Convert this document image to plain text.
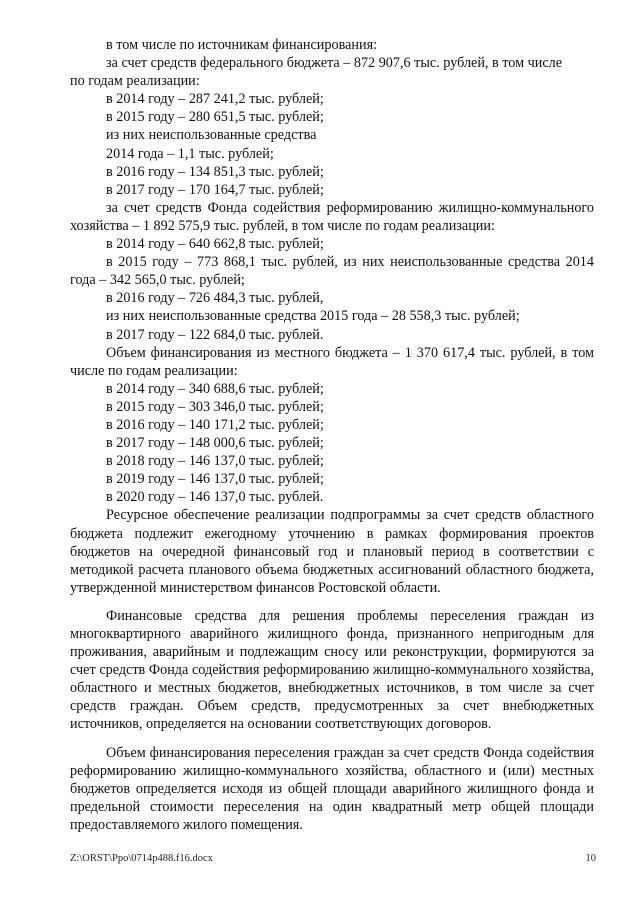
в том числе по источникам финансирования:
за счет средств федерального бюджета – 872 907,6 тыс. рублей, в том числе
по годам реализации:
в 2014 году – 287 241,2 тыс. рублей;
в 2015 году – 280 651,5 тыс. рублей;
из них неиспользованные средства
2014 года – 1,1 тыс. рублей;
в 2016 году – 134 851,3 тыс. рублей;
в 2017 году – 170 164,7 тыс. рублей;
за счет средств Фонда содействия реформированию жилищно-коммунального хозяйства – 1 892 575,9 тыс. рублей, в том числе по годам реализации:
в 2014 году – 640 662,8 тыс. рублей;
в 2015 году – 773 868,1 тыс. рублей, из них неиспользованные средства 2014 года – 342 565,0 тыс. рублей;
в 2016 году – 726 484,3 тыс. рублей,
из них неиспользованные средства 2015 года – 28 558,3 тыс. рублей;
в 2017 году – 122 684,0 тыс. рублей.
Объем финансирования из местного бюджета – 1 370 617,4 тыс. рублей, в том числе по годам реализации:
в 2014 году – 340 688,6 тыс. рублей;
в 2015 году – 303 346,0 тыс. рублей;
в 2016 году – 140 171,2 тыс. рублей;
в 2017 году – 148 000,6 тыс. рублей;
в 2018 году – 146 137,0 тыс. рублей;
в 2019 году – 146 137,0 тыс. рублей;
в 2020 году – 146 137,0 тыс. рублей.
Ресурсное обеспечение реализации подпрограммы за счет средств областного бюджета подлежит ежегодному уточнению в рамках формирования проектов бюджетов на очередной финансовый год и плановый период в соответствии с методикой расчета планового объема бюджетных ассигнований областного бюджета, утвержденной министерством финансов Ростовской области.
Финансовые средства для решения проблемы переселения граждан из многоквартирного аварийного жилищного фонда, признанного непригодным для проживания, аварийным и подлежащим сносу или реконструкции, формируются за счет средств Фонда содействия реформированию жилищно-коммунального хозяйства, областного и местных бюджетов, внебюджетных источников, в том числе за счет средств граждан. Объем средств, предусмотренных за счет внебюджетных источников, определяется на основании соответствующих договоров.
Объем финансирования переселения граждан за счет средств Фонда содействия реформированию жилищно-коммунального хозяйства, областного и (или) местных бюджетов определяется исходя из общей площади аварийного жилищного фонда и предельной стоимости переселения на один квадратный метр общей площади предоставляемого жилого помещения.
Z:\ORST\Ppo\0714p488.f16.docx	10
